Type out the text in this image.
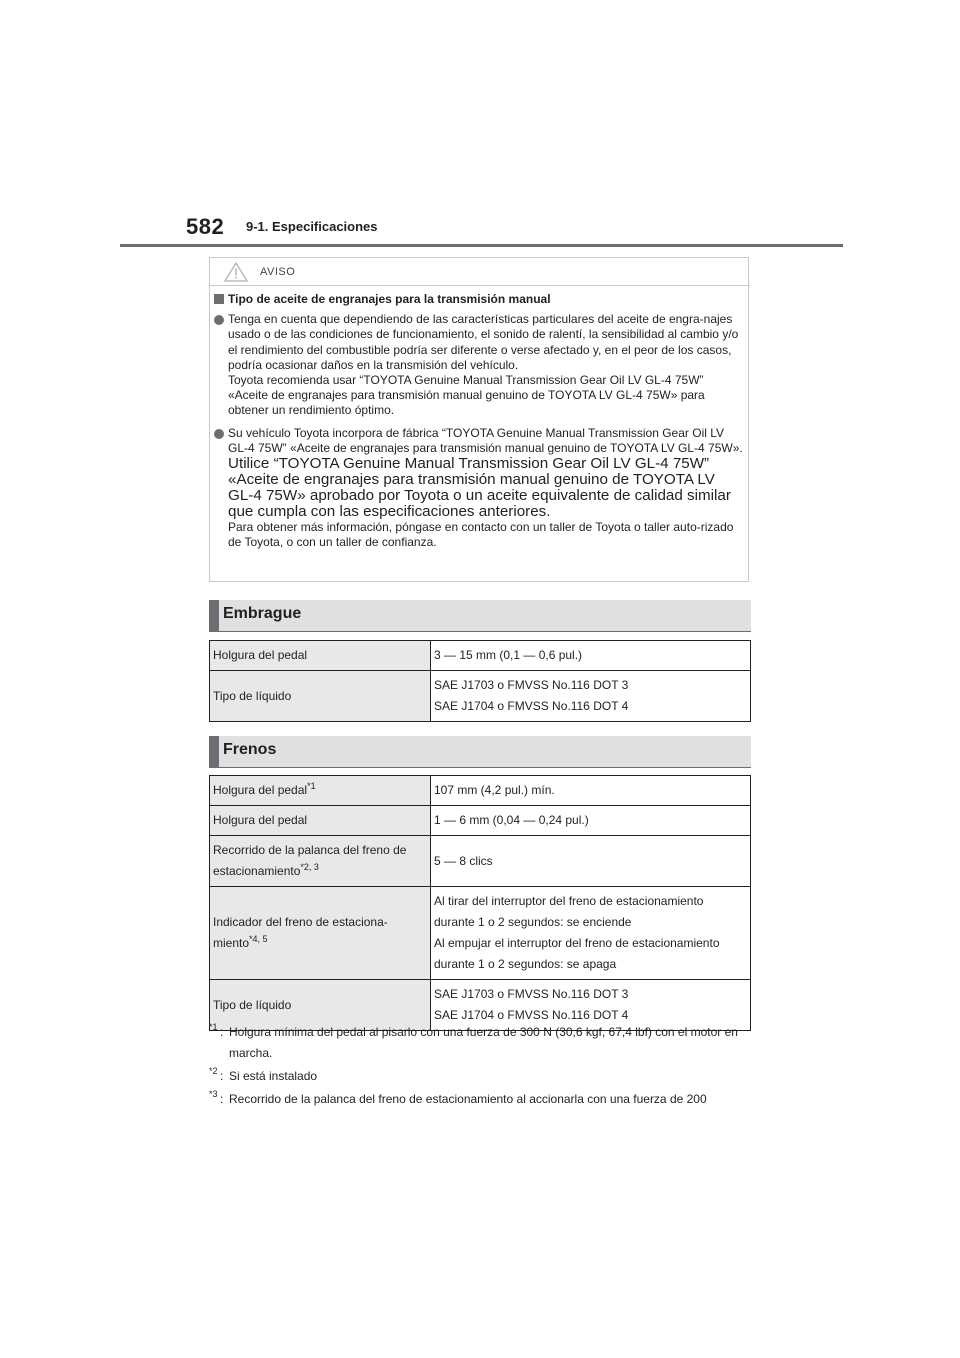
582 9-1. Especificaciones
AVISO
Tipo de aceite de engranajes para la transmisión manual

Tenga en cuenta que dependiendo de las características particulares del aceite de engra-najes usado o de las condiciones de funcionamiento, el sonido de ralentí, la sensibilidad al cambio y/o el rendimiento del combustible podría ser diferente o verse afectado y, en el peor de los casos, podría ocasionar daños en la transmisión del vehículo.

Toyota recomienda usar “TOYOTA Genuine Manual Transmission Gear Oil LV GL-4 75W” «Aceite de engranajes para transmisión manual genuino de TOYOTA LV GL-4 75W» para obtener un rendimiento óptimo.

Su vehículo Toyota incorpora de fábrica “TOYOTA Genuine Manual Transmission Gear Oil LV GL-4 75W” «Aceite de engranajes para transmisión manual genuino de TOYOTA LV GL-4 75W».

Utilice “TOYOTA Genuine Manual Transmission Gear Oil LV GL-4 75W” «Aceite de engranajes para transmisión manual genuino de TOYOTA LV GL-4 75W» aprobado por Toyota o un aceite equivalente de calidad similar que cumpla con las especificaciones anteriores.

Para obtener más información, póngase en contacto con un taller de Toyota o taller auto-rizado de Toyota, o con un taller de confianza.

Embrague
Holgura del pedal	3 — 15 mm (0,1 — 0,6 pul.)

Tipo de líquido	SAE J1703 o FMVSS No.116 DOT 3
SAE J1704 o FMVSS No.116 DOT 4
Frenos
Holgura del pedal$^{*1}$	107 mm (4,2 pul.) mín.

Holgura del pedal	1 — 6 mm (0,04 — 0,24 pul.)

Recorrido de la palanca del freno de estacionamiento$^{*2, 3}$	5 — 8 clics

Indicador del freno de estaciona-miento$^{*4, 5}$	Al tirar del interruptor del freno de estacionamiento durante 1 o 2 segundos: se enciende
Al empujar el interruptor del freno de estacionamiento durante 1 o 2 segundos: se apaga

Tipo de líquido	SAE J1703 o FMVSS No.116 DOT 3
SAE J1704 o FMVSS No.116 DOT 4
*1 : Holgura mínima del pedal al pisarlo con una fuerza de 300 N (30,6 kgf, 67,4 lbf) con el motor en marcha.
*2 : Si está instalado
*3 : Recorrido de la palanca del freno de estacionamiento al accionarla con una fuerza de 200
